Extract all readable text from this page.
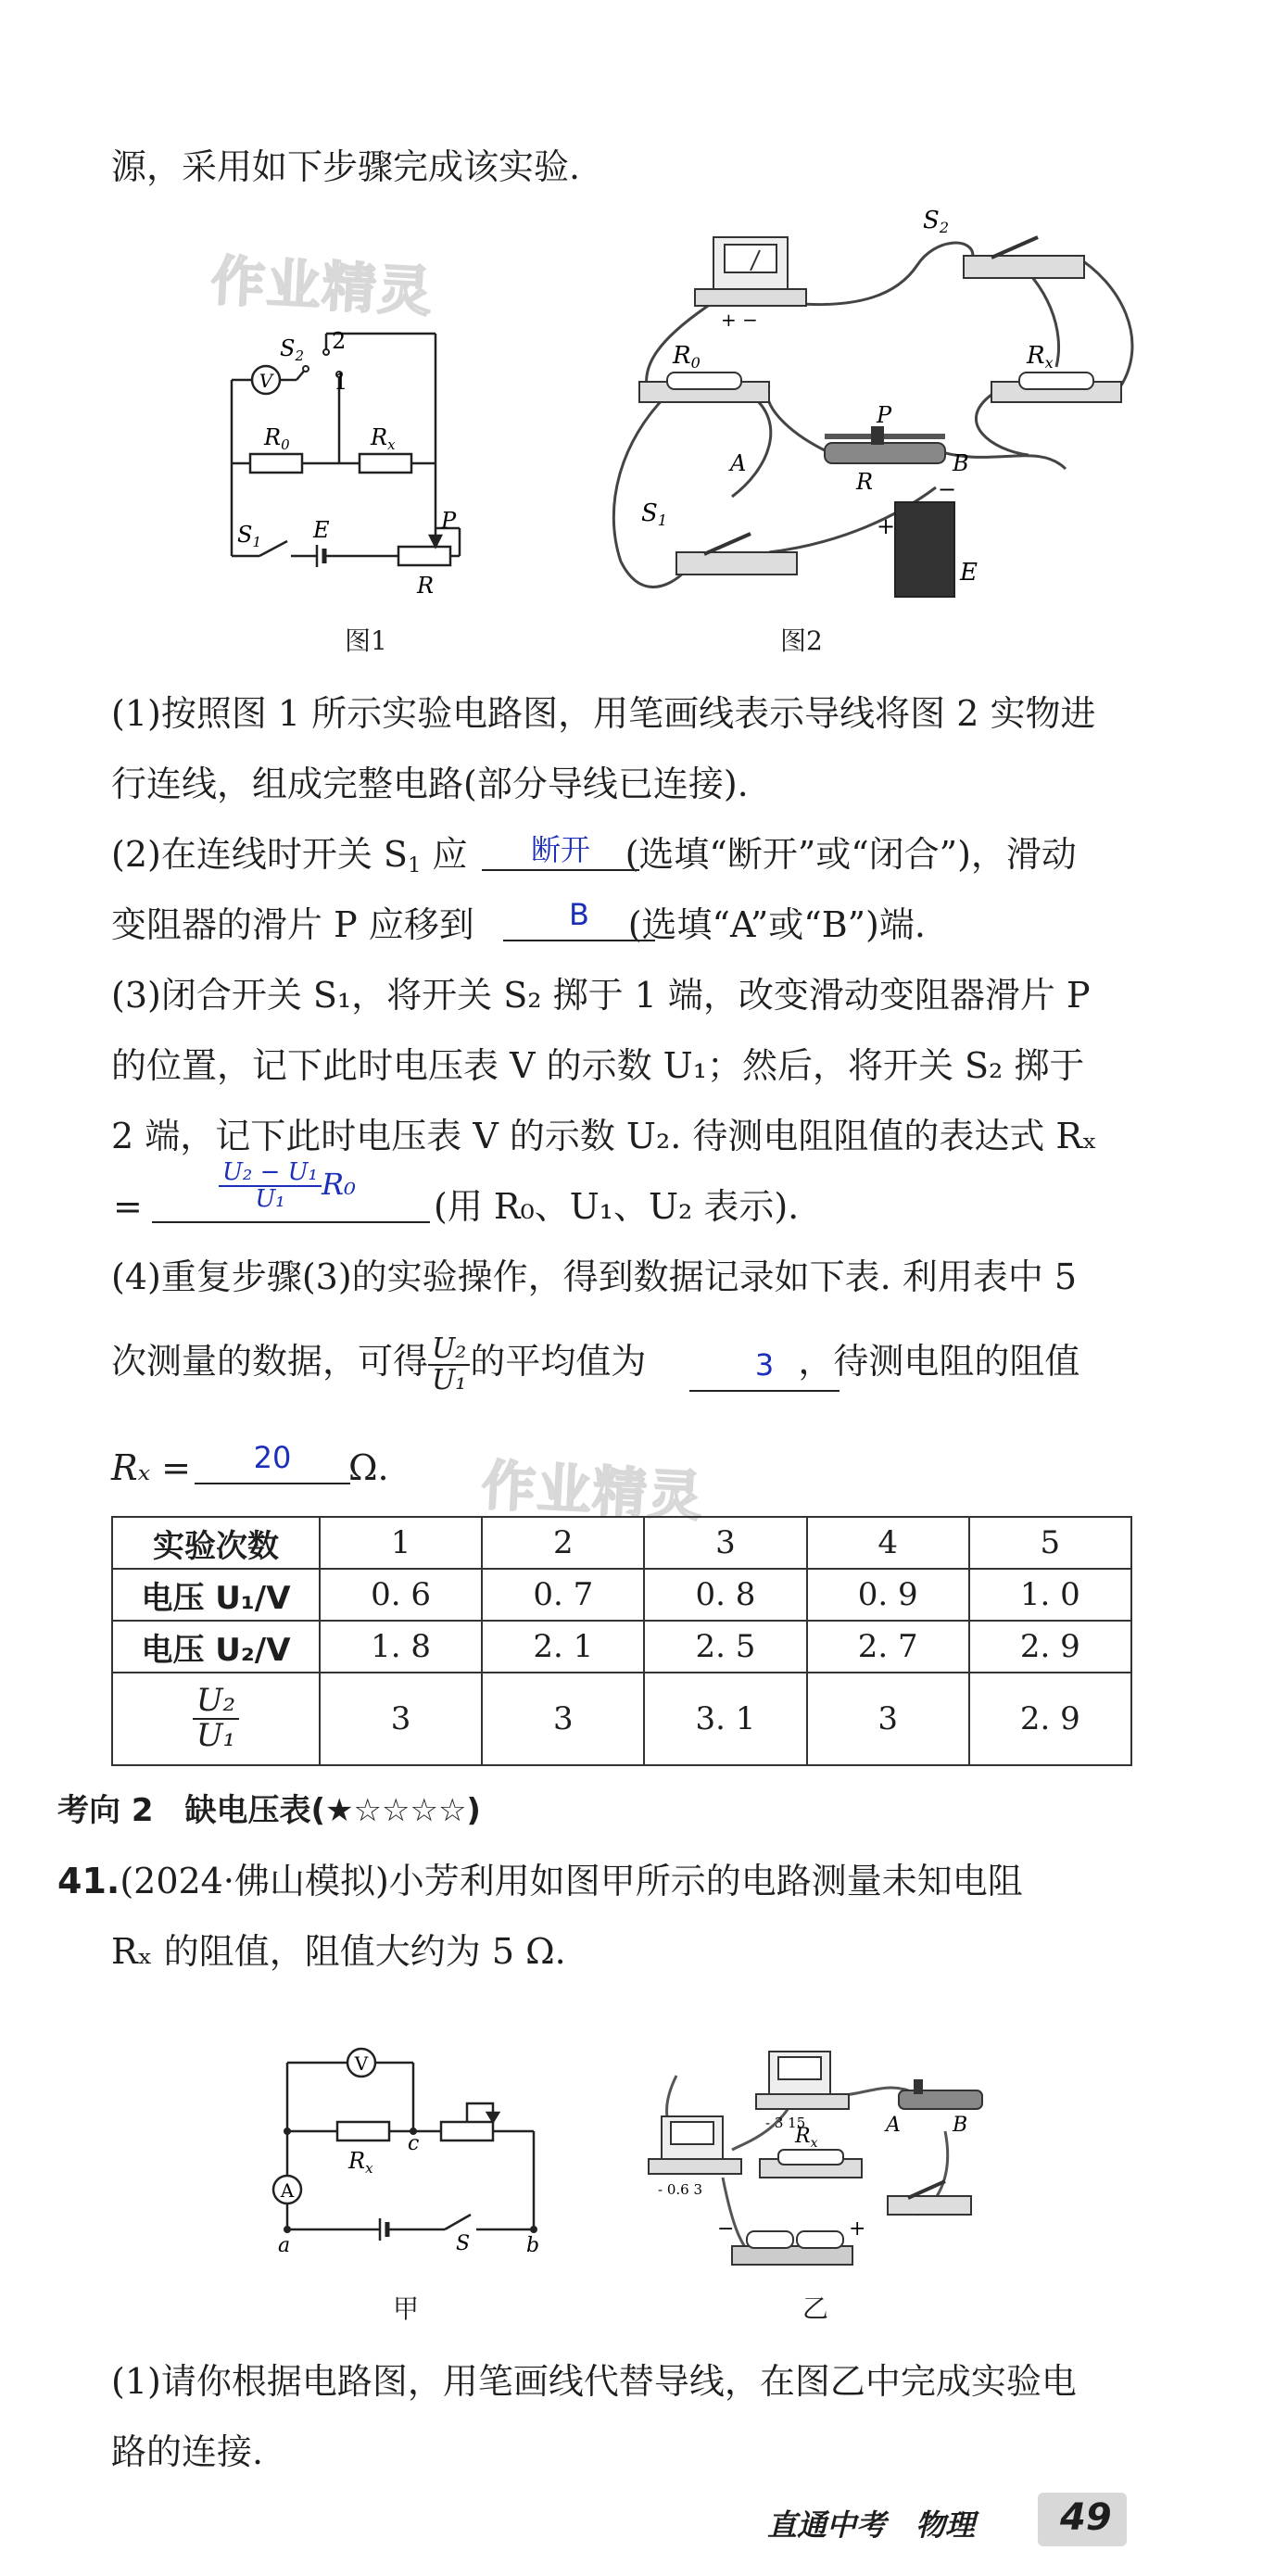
作业精灵
作业精灵
源，采用如下步骤完成该实验.
V
$S_2$
2
1
$R_0$	$R_x$
$S_1$ E	P
R
图1
+ −
S2
R0	Rx
P
A
R
B
S1	+
−
E
图2
(1)按照图 1 所示实验电路图，用笔画线表示导线将图 2 实物进
行连线，组成完整电路(部分导线已连接).
(2)在连线时开关 $S_1$ 应	(选填“断开”或“闭合”)，滑动
断开
变阻器的滑片 P 应移到	(选填“A”或“B”)端.
B
(3)闭合开关 S₁，将开关 S₂ 掷于 1 端，改变滑动变阻器滑片 P
的位置，记下此时电压表 V 的示数 U₁；然后，将开关 S₂ 掷于
2 端，记下此时电压表 V 的示数 U₂. 待测电阻阻值的表达式 Rₓ
=	$\frac{\text{U₂ − U₁}}{\text{U₁}} R_0$
(用 R₀、U₁、U₂ 表示).
(4)重复步骤(3)的实验操作，得到数据记录如下表. 利用表中 5
次测量的数据，可得 $\frac{\text{U₂}}{\text{U₁}}$ 的平均值为	，待测电阻的阻值
3
Rₓ =	Ω.
20
实验次数	1	2	3	4	5
电压 U₁/V	0. 6	0. 7	0. 8	0. 9	1. 0
电压 U₂/V	1. 8	2. 1	2. 5	2. 7	2. 9

$\frac{\text{U₂}}{\text{U₁}}$	3	3	3. 1	3	2. 9
考向 2　缺电压表(★☆☆☆☆)
41.(2024·佛山模拟)小芳利用如图甲所示的电路测量未知电阻
Rₓ 的阻值，阻值大约为 5 Ω.
V
A
$R_x$
c
a	S	b
甲
- 0.6 3
- 3 15
$R_x$
A	B
−	+
乙
(1)请你根据电路图，用笔画线代替导线，在图乙中完成实验电
路的连接.
直通中考　物理 49
